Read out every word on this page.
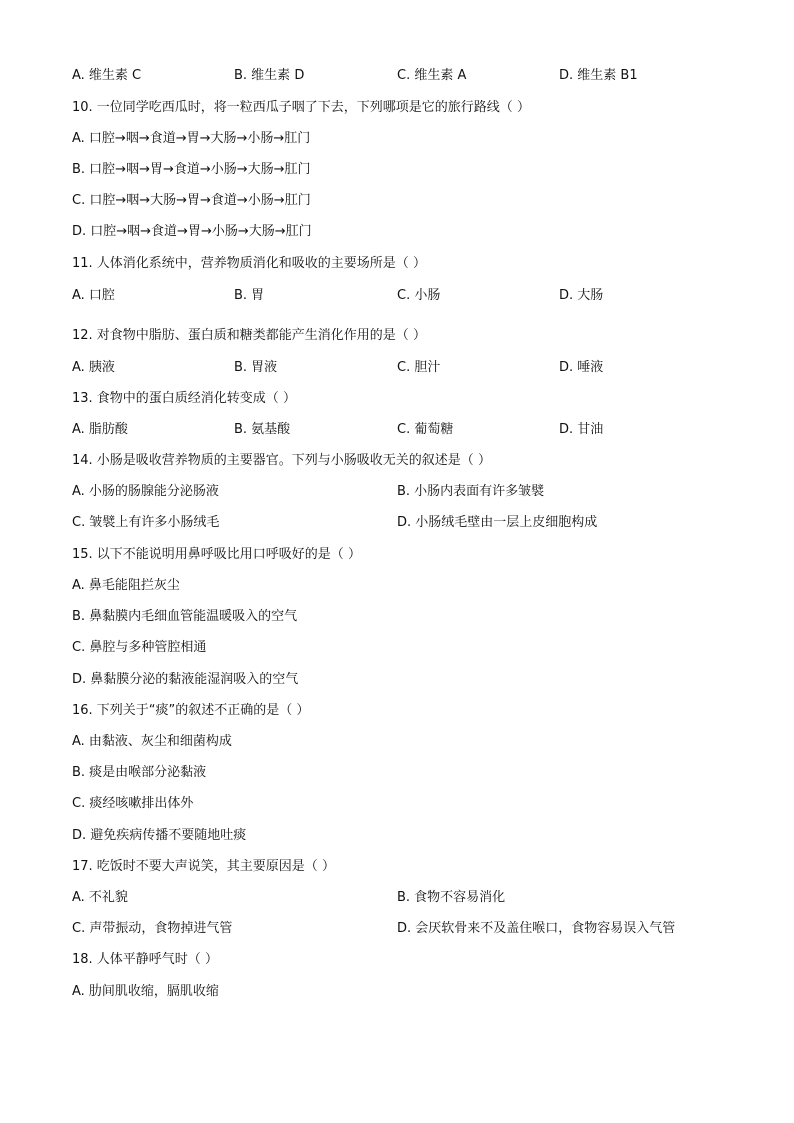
A. 维生素 C	B. 维生素 D	C. 维生素 A	D. 维生素 B1
10. 一位同学吃西瓜时，将一粒西瓜子咽了下去，下列哪项是它的旅行路线（ ）
A. 口腔→咽→食道→胃→大肠→小肠→肛门
B. 口腔→咽→胃→食道→小肠→大肠→肛门
C. 口腔→咽→大肠→胃→食道→小肠→肛门
D. 口腔→咽→食道→胃→小肠→大肠→肛门
11. 人体消化系统中，营养物质消化和吸收的主要场所是（ ）
A. 口腔	B. 胃	C. 小肠	D. 大肠
12. 对食物中脂肪、蛋白质和糖类都能产生消化作用的是（ ）
A. 胰液	B. 胃液	C. 胆汁	D. 唾液
13. 食物中的蛋白质经消化转变成（ ）
A. 脂肪酸	B. 氨基酸	C. 葡萄糖	D. 甘油
14. 小肠是吸收营养物质的主要器官。下列与小肠吸收无关的叙述是（ ）
A. 小肠的肠腺能分泌肠液	B. 小肠内表面有许多皱襞
C. 皱襞上有许多小肠绒毛	D. 小肠绒毛壁由一层上皮细胞构成
15. 以下不能说明用鼻呼吸比用口呼吸好的是（ ）
A. 鼻毛能阻拦灰尘
B. 鼻黏膜内毛细血管能温暖吸入的空气
C. 鼻腔与多种管腔相通
D. 鼻黏膜分泌的黏液能湿润吸入的空气
16. 下列关于“痰”的叙述不正确的是（ ）
A. 由黏液、灰尘和细菌构成
B. 痰是由喉部分泌黏液
C. 痰经咳嗽排出体外
D. 避免疾病传播不要随地吐痰
17. 吃饭时不要大声说笑，其主要原因是（ ）
A. 不礼貌	B. 食物不容易消化
C. 声带振动，食物掉进气管	D. 会厌软骨来不及盖住喉口，食物容易误入气管
18. 人体平静呼气时（ ）
A. 肋间肌收缩，膈肌收缩
